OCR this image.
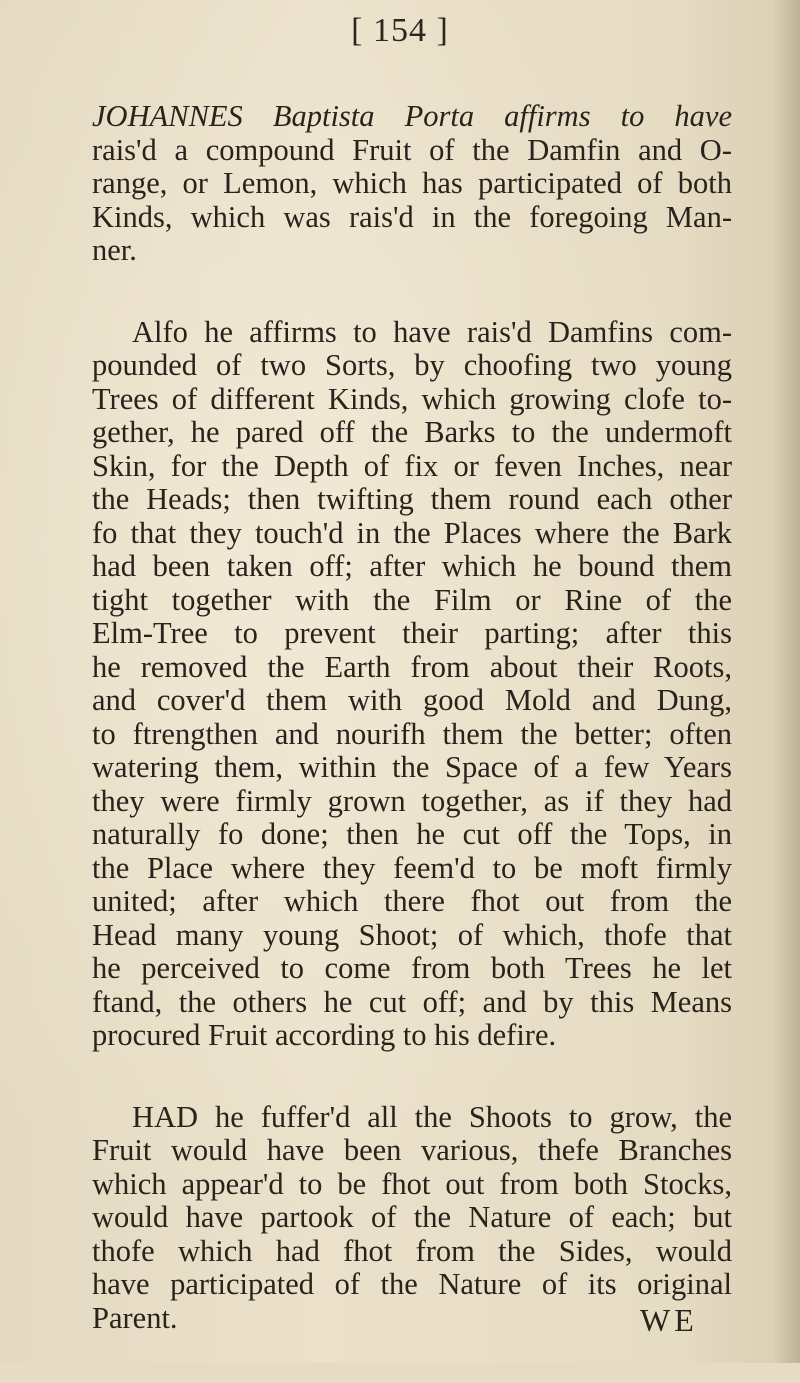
[ 154 ]
JOHANNES Baptista Porta affirms to have
rais'd a compound Fruit of the Damfin and O-
range, or Lemon, which has participated of both
Kinds, which was rais'd in the foregoing Man-
ner.
Alfo he affirms to have rais'd Damfins com-
pounded of two Sorts, by choofing two young
Trees of different Kinds, which growing clofe to-
gether, he pared off the Barks to the undermoft
Skin, for the Depth of fix or feven Inches, near
the Heads; then twifting them round each other
fo that they touch'd in the Places where the Bark
had been taken off; after which he bound them
tight together with the Film or Rine of the
Elm-Tree to prevent their parting; after this
he removed the Earth from about their Roots,
and cover'd them with good Mold and Dung,
to ftrengthen and nourifh them the better; often
watering them, within the Space of a few Years
they were firmly grown together, as if they had
naturally fo done; then he cut off the Tops, in
the Place where they feem'd to be moft firmly
united; after which there fhot out from the
Head many young Shoot; of which, thofe that
he perceived to come from both Trees he let
ftand, the others he cut off; and by this Means
procured Fruit according to his defire.
HAD he fuffer'd all the Shoots to grow, the
Fruit would have been various, thefe Branches
which appear'd to be fhot out from both Stocks,
would have partook of the Nature of each; but
thofe which had fhot from the Sides, would
have participated of the Nature of its original
Parent.	WE
